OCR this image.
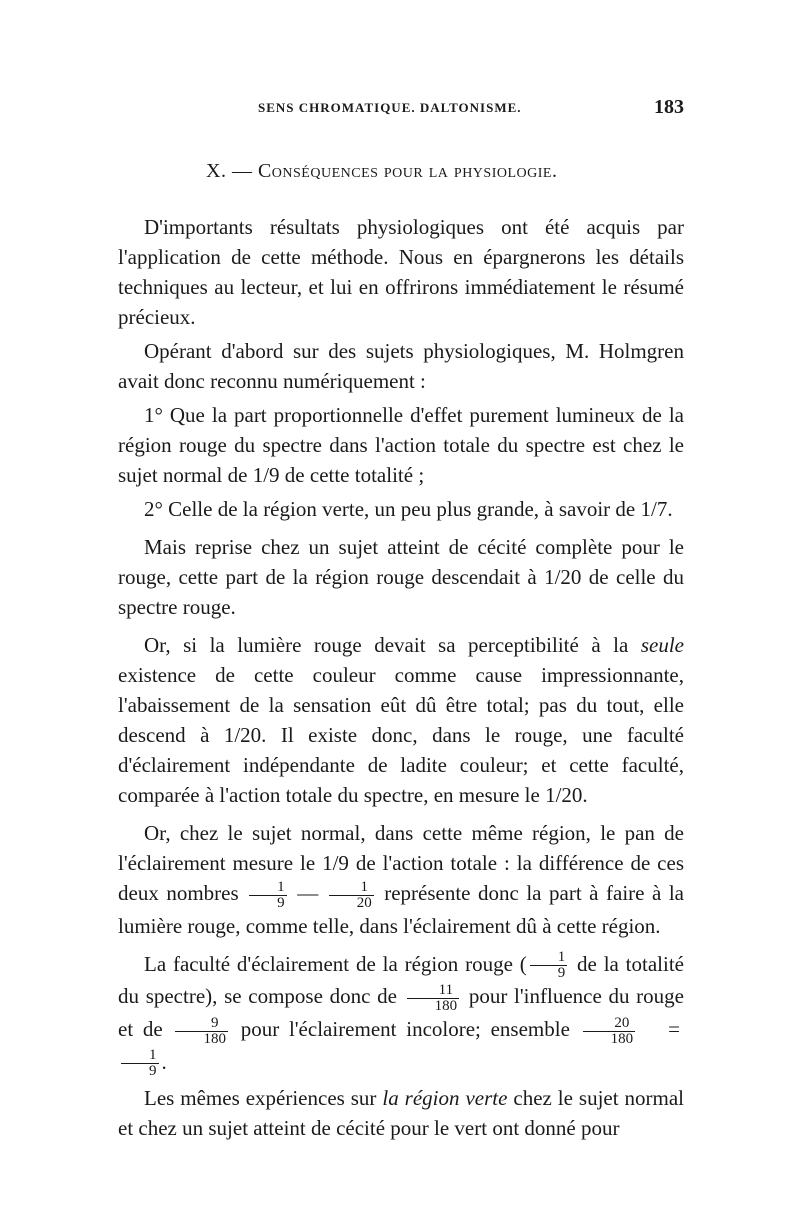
SENS CHROMATIQUE. DALTONISME.	183
X. — Conséquences pour la physiologie.

D'importants résultats physiologiques ont été acquis par l'application de cette méthode. Nous en épargnerons les détails techniques au lecteur, et lui en offrirons immédiatement le résumé précieux.

Opérant d'abord sur des sujets physiologiques, M. Holmgren avait donc reconnu numériquement :

1° Que la part proportionnelle d'effet purement lumineux de la région rouge du spectre dans l'action totale du spectre est chez le sujet normal de 1/9 de cette totalité ;

2° Celle de la région verte, un peu plus grande, à savoir de 1/7.

Mais reprise chez un sujet atteint de cécité complète pour le rouge, cette part de la région rouge descendait à 1/20 de celle du spectre rouge.

Or, si la lumière rouge devait sa perceptibilité à la seule existence de cette couleur comme cause impressionnante, l'abaissement de la sensation eût dû être total; pas du tout, elle descend à 1/20. Il existe donc, dans le rouge, une faculté d'éclairement indépendante de ladite couleur; et cette faculté, comparée à l'action totale du spectre, en mesure le 1/20.

Or, chez le sujet normal, dans cette même région, le pan de l'éclairement mesure le 1/9 de l'action totale : la différence de ces deux nombres $\frac{1}{9}$ — $\frac{1}{20}$ représente donc la part à faire à la lumière rouge, comme telle, dans l'éclairement dû à cette région.

La faculté d'éclairement de la région rouge ( $\frac{1}{9}$ de la totalité du spectre), se compose donc de $\frac{11}{180}$ pour l'influence du rouge et de $\frac{9}{180}$ pour l'éclairement incolore; ensemble $\frac{20}{180}$ =
$\frac{1}{9}$ .

Les mêmes expériences sur la région verte chez le sujet normal et chez un sujet atteint de cécité pour le vert ont donné pour
